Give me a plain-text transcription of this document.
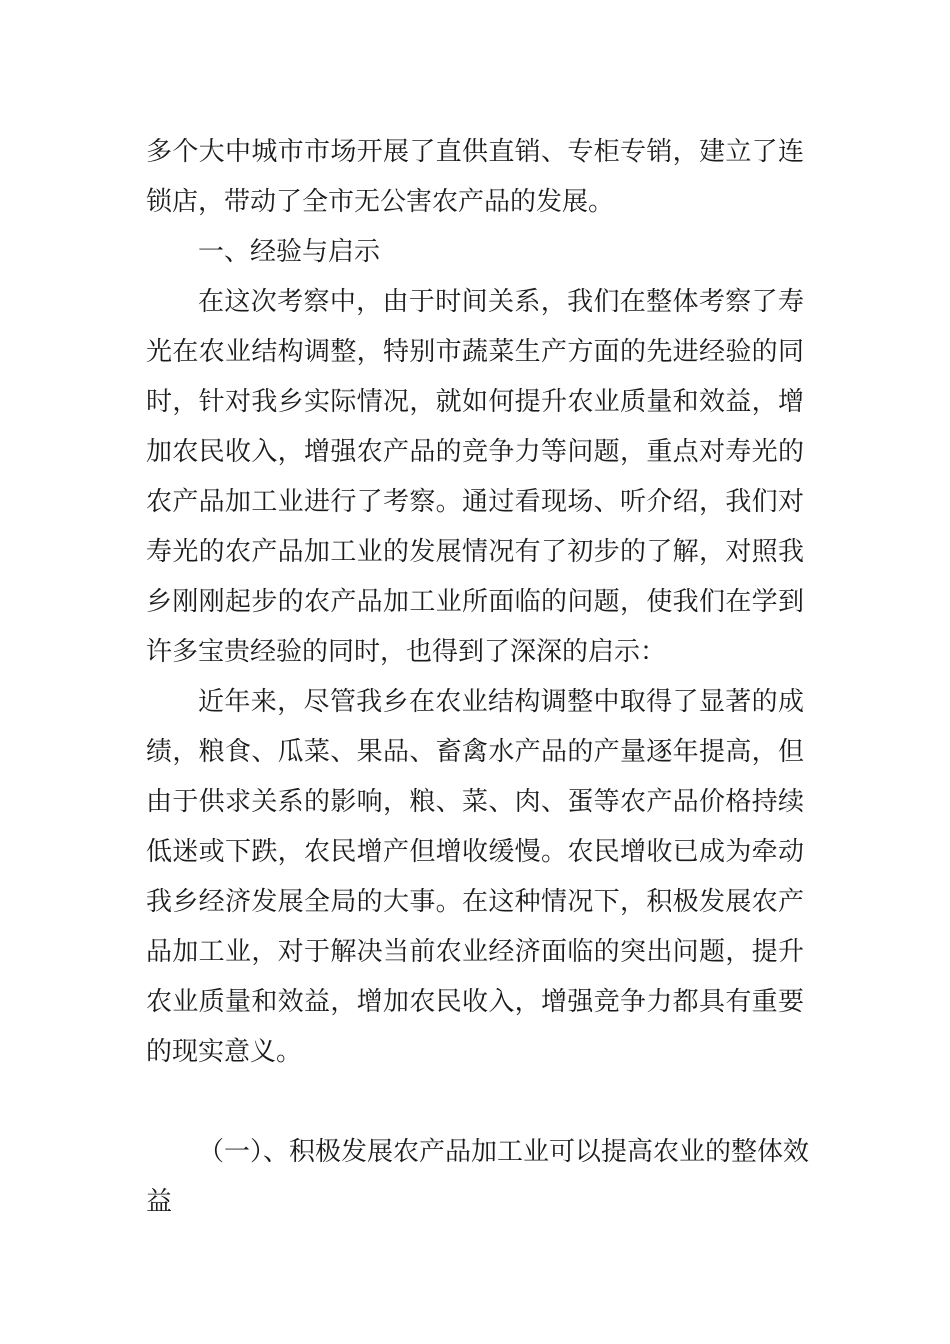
多个大中城市市场开展了直供直销、专柜专销，建立了连
锁店，带动了全市无公害农产品的发展。
一、经验与启示
在这次考察中，由于时间关系，我们在整体考察了寿
光在农业结构调整，特别市蔬菜生产方面的先进经验的同
时，针对我乡实际情况，就如何提升农业质量和效益，增
加农民收入，增强农产品的竞争力等问题，重点对寿光的
农产品加工业进行了考察。通过看现场、听介绍，我们对
寿光的农产品加工业的发展情况有了初步的了解，对照我
乡刚刚起步的农产品加工业所面临的问题，使我们在学到
许多宝贵经验的同时，也得到了深深的启示：
近年来，尽管我乡在农业结构调整中取得了显著的成
绩，粮食、瓜菜、果品、畜禽水产品的产量逐年提高，但
由于供求关系的影响，粮、菜、肉、蛋等农产品价格持续
低迷或下跌，农民增产但增收缓慢。农民增收已成为牵动
我乡经济发展全局的大事。在这种情况下，积极发展农产
品加工业，对于解决当前农业经济面临的突出问题，提升
农业质量和效益，增加农民收入，增强竞争力都具有重要
的现实意义。
（一）、积极发展农产品加工业可以提高农业的整体效
益
